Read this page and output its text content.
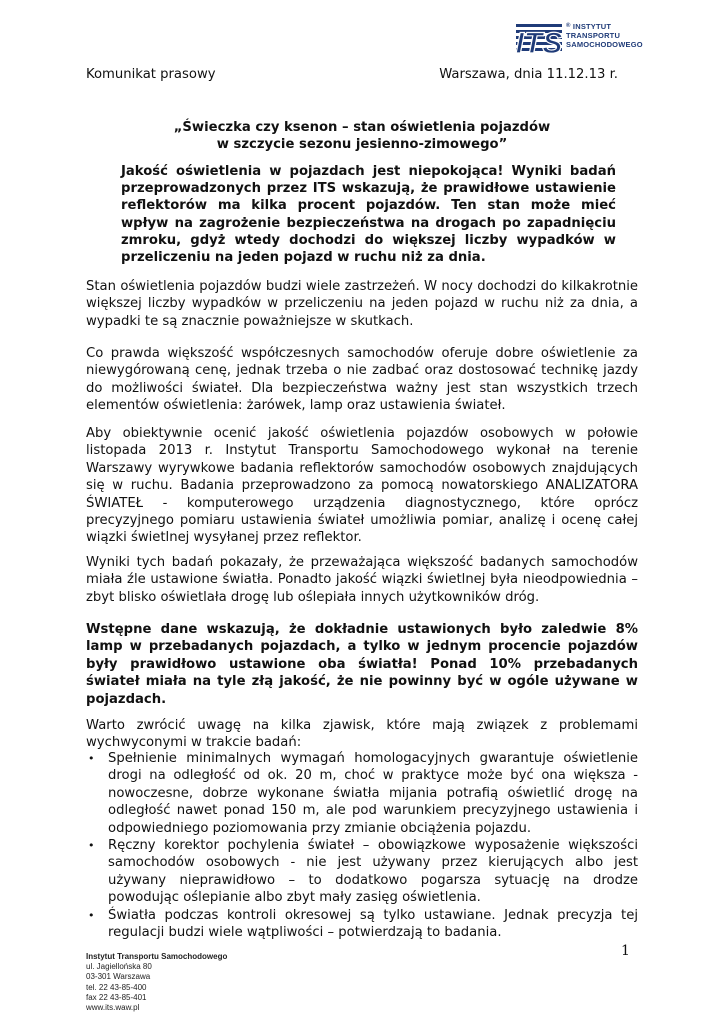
ITS
® INSTYTUT
TRANSPORTU
SAMOCHODOWEGO
Komunikat prasowy	Warszawa, dnia 11.12.13 r.
„Świeczka czy ksenon – stan oświetlenia pojazdów
w szczycie sezonu jesienno-zimowego”
Jakość oświetlenia w pojazdach jest niepokojąca! Wyniki badań przeprowadzonych przez ITS wskazują, że prawidłowe ustawienie reflektorów ma kilka procent pojazdów. Ten stan może mieć wpływ na zagrożenie bezpieczeństwa na drogach po zapadnięciu zmroku, gdyż wtedy dochodzi do większej liczby wypadków w przeliczeniu na jeden pojazd w ruchu niż za dnia.
Stan oświetlenia pojazdów budzi wiele zastrzeżeń. W nocy dochodzi do kilkakrotnie większej liczby wypadków w przeliczeniu na jeden pojazd w ruchu niż za dnia, a wypadki te są znacznie poważniejsze w skutkach.
Co prawda większość współczesnych samochodów oferuje dobre oświetlenie za niewygórowaną cenę, jednak trzeba o nie zadbać oraz dostosować technikę jazdy do możliwości świateł. Dla bezpieczeństwa ważny jest stan wszystkich trzech elementów oświetlenia: żarówek, lamp oraz ustawienia świateł.
Aby obiektywnie ocenić jakość oświetlenia pojazdów osobowych w połowie listopada 2013 r. Instytut Transportu Samochodowego wykonał na terenie Warszawy wyrywkowe badania reflektorów samochodów osobowych znajdujących się w ruchu. Badania przeprowadzono za pomocą nowatorskiego ANALIZATORA ŚWIATEŁ - komputerowego urządzenia diagnostycznego, które oprócz precyzyjnego pomiaru ustawienia świateł umożliwia pomiar, analizę i ocenę całej wiązki świetlnej wysyłanej przez reflektor.
Wyniki tych badań pokazały, że przeważająca większość badanych samochodów miała źle ustawione światła. Ponadto jakość wiązki świetlnej była nieodpowiednia – zbyt blisko oświetlała drogę lub oślepiała innych użytkowników dróg.
Wstępne dane wskazują, że dokładnie ustawionych było zaledwie 8% lamp w przebadanych pojazdach, a tylko w jednym procencie pojazdów były prawidłowo ustawione oba światła! Ponad 10% przebadanych świateł miała na tyle złą jakość, że nie powinny być w ogóle używane w pojazdach.
Warto zwrócić uwagę na kilka zjawisk, które mają związek z problemami wychwyconymi w trakcie badań:
• Spełnienie minimalnych wymagań homologacyjnych gwarantuje oświetlenie drogi na odległość od ok. 20 m, choć w praktyce może być ona większa - nowoczesne, dobrze wykonane światła mijania potrafią oświetlić drogę na odległość nawet ponad 150 m, ale pod warunkiem precyzyjnego ustawienia i odpowiedniego poziomowania przy zmianie obciążenia pojazdu.
• Ręczny korektor pochylenia świateł – obowiązkowe wyposażenie większości samochodów osobowych - nie jest używany przez kierujących albo jest używany nieprawidłowo – to dodatkowo pogarsza sytuację na drodze powodując oślepianie albo zbyt mały zasięg oświetlenia.
• Światła podczas kontroli okresowej są tylko ustawiane. Jednak precyzja tej regulacji budzi wiele wątpliwości – potwierdzają to badania.
1
Instytut Transportu Samochodowego
ul. Jagiellońska 80
03-301 Warszawa
tel. 22 43-85-400
fax 22 43-85-401
www.its.waw.pl
